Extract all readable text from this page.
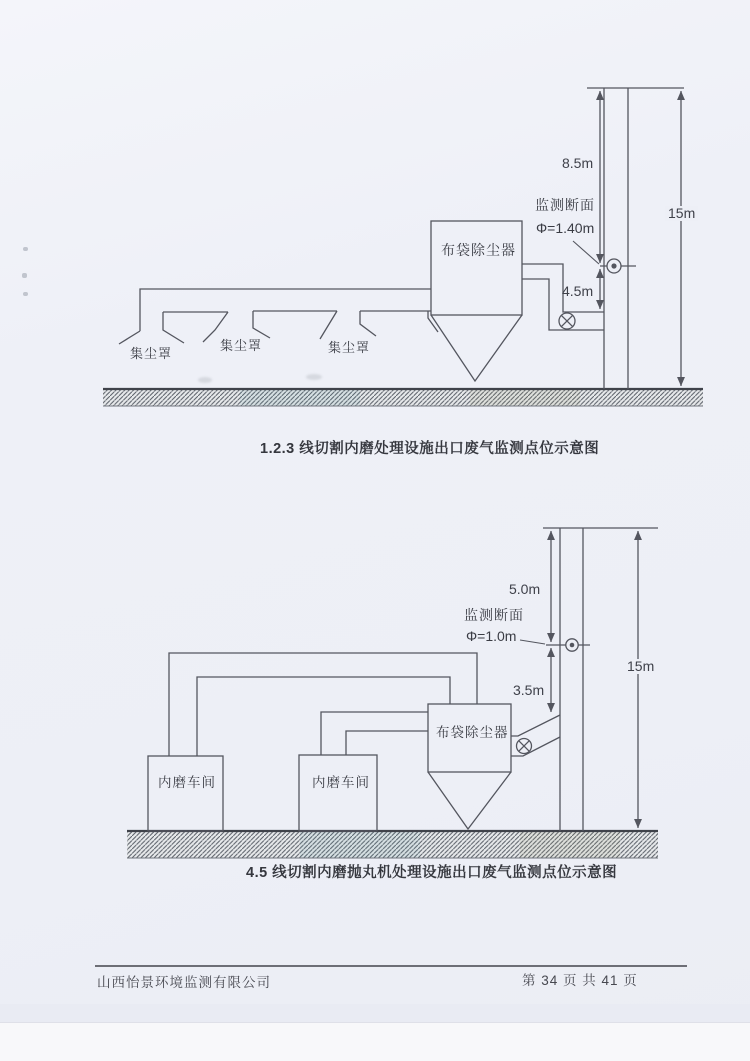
8.5m
监测断面
Φ=1.40m
4.5m
15m
布袋除尘器
集尘罩
集尘罩	集尘罩
1.2.3 线切割内磨处理设施出口废气监测点位示意图
5.0m
监测断面
Φ=1.0m
3.5m
15m
布袋除尘器
内磨车间	内磨车间
4.5 线切割内磨抛丸机处理设施出口废气监测点位示意图
山西怡景环境监测有限公司	第 34 页 共 41 页
